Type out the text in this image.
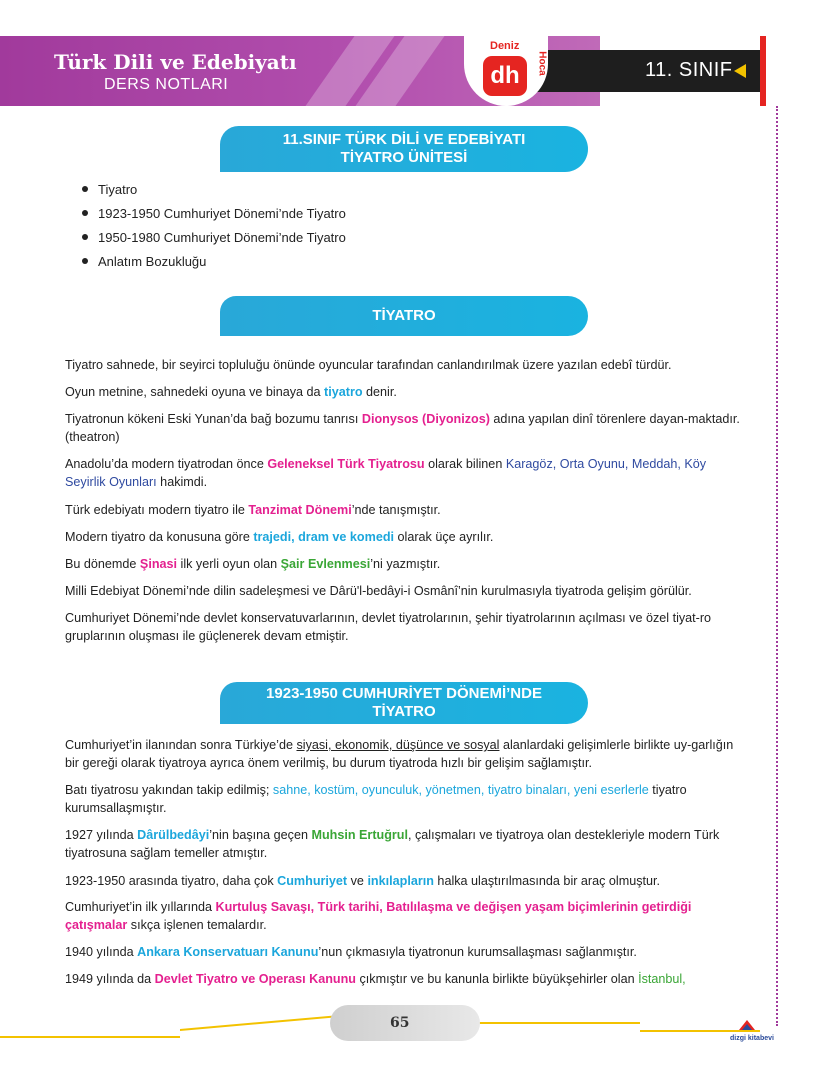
Türk Dili ve Edebiyatı
DERS NOTLARI
11. SINIF
Deniz
dh	Hoca
11.SINIF TÜRK DİLİ VE EDEBİYATI
TİYATRO ÜNİTESİ
Tiyatro
1923-1950 Cumhuriyet Dönemi’nde Tiyatro
1950-1980 Cumhuriyet Dönemi’nde Tiyatro
Anlatım Bozukluğu
TİYATRO
Tiyatro sahnede, bir seyirci topluluğu önünde oyuncular tarafından canlandırılmak üzere yazılan edebî türdür.
Oyun metnine, sahnedeki oyuna ve binaya da tiyatro denir.
Tiyatronun kökeni Eski Yunan’da bağ bozumu tanrısı Dionysos (Diyonizos) adına yapılan dinî törenlere dayan-maktadır. (theatron)
Anadolu’da modern tiyatrodan önce Geleneksel Türk Tiyatrosu olarak bilinen Karagöz, Orta Oyunu, Meddah, Köy Seyirlik Oyunları hakimdi.
Türk edebiyatı modern tiyatro ile Tanzimat Dönemi’nde tanışmıştır.
Modern tiyatro da konusuna göre trajedi, dram ve komedi olarak üçe ayrılır.
Bu dönemde Şinasi ilk yerli oyun olan Şair Evlenmesi’ni yazmıştır.
Milli Edebiyat Dönemi’nde dilin sadeleşmesi ve Dârü'l-bedâyi-i Osmânî’nin kurulmasıyla tiyatroda gelişim görülür.
Cumhuriyet Dönemi’nde devlet konservatuvarlarının, devlet tiyatrolarının, şehir tiyatrolarının açılması ve özel tiyat-ro gruplarının oluşması ile güçlenerek devam etmiştir.
1923-1950 CUMHURİYET DÖNEMİ’NDE
TİYATRO
Cumhuriyet’in ilanından sonra Türkiye’de siyasi, ekonomik, düşünce ve sosyal alanlardaki gelişimlerle birlikte uy-garlığın bir gereği olarak tiyatroya ayrıca önem verilmiş, bu durum tiyatroda hızlı bir gelişim sağlamıştır.
Batı tiyatrosu yakından takip edilmiş; sahne, kostüm, oyunculuk, yönetmen, tiyatro binaları, yeni eserlerle tiyatro kurumsallaşmıştır.
1927 yılında Dârülbedâyi’nin başına geçen Muhsin Ertuğrul, çalışmaları ve tiyatroya olan destekleriyle modern Türk tiyatrosuna sağlam temeller atmıştır.
1923-1950 arasında tiyatro, daha çok Cumhuriyet ve inkılapların halka ulaştırılmasında bir araç olmuştur.
Cumhuriyet’in ilk yıllarında Kurtuluş Savaşı, Türk tarihi, Batılılaşma ve değişen yaşam biçimlerinin getirdiği çatışmalar sıkça işlenen temalardır.
1940 yılında Ankara Konservatuarı Kanunu’nun çıkmasıyla tiyatronun kurumsallaşması sağlanmıştır.
1949 yılında da Devlet Tiyatro ve Operası Kanunu çıkmıştır ve bu kanunla birlikte büyükşehirler olan İstanbul,
65
dizgi kitabevi
